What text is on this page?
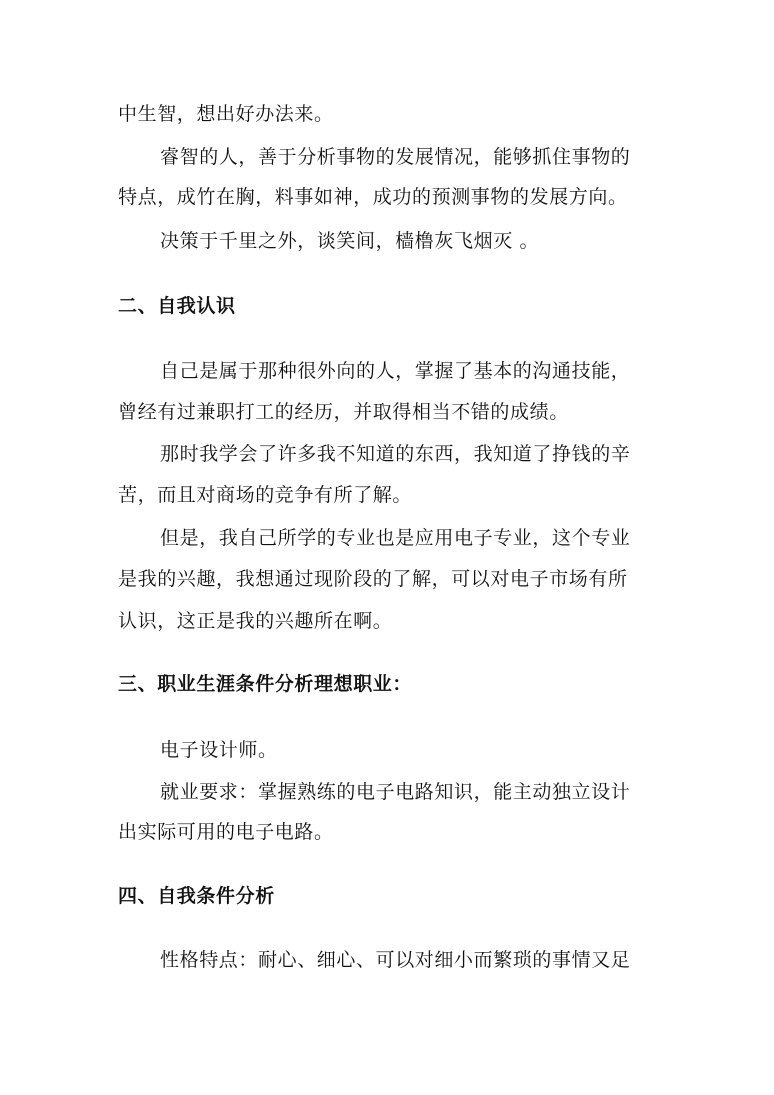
中生智，想出好办法来。
睿智的人，善于分析事物的发展情况，能够抓住事物的
特点，成竹在胸，料事如神，成功的预测事物的发展方向。
决策于千里之外，谈笑间，樯橹灰飞烟灭 。
二、自我认识
自己是属于那种很外向的人，掌握了基本的沟通技能，
曾经有过兼职打工的经历，并取得相当不错的成绩。
那时我学会了许多我不知道的东西，我知道了挣钱的辛
苦，而且对商场的竞争有所了解。
但是，我自己所学的专业也是应用电子专业，这个专业
是我的兴趣，我想通过现阶段的了解，可以对电子市场有所
认识，这正是我的兴趣所在啊。
三、职业生涯条件分析理想职业：
电子设计师。
就业要求：掌握熟练的电子电路知识，能主动独立设计
出实际可用的电子电路。
四、自我条件分析
性格特点：耐心、细心、可以对细小而繁琐的事情又足
